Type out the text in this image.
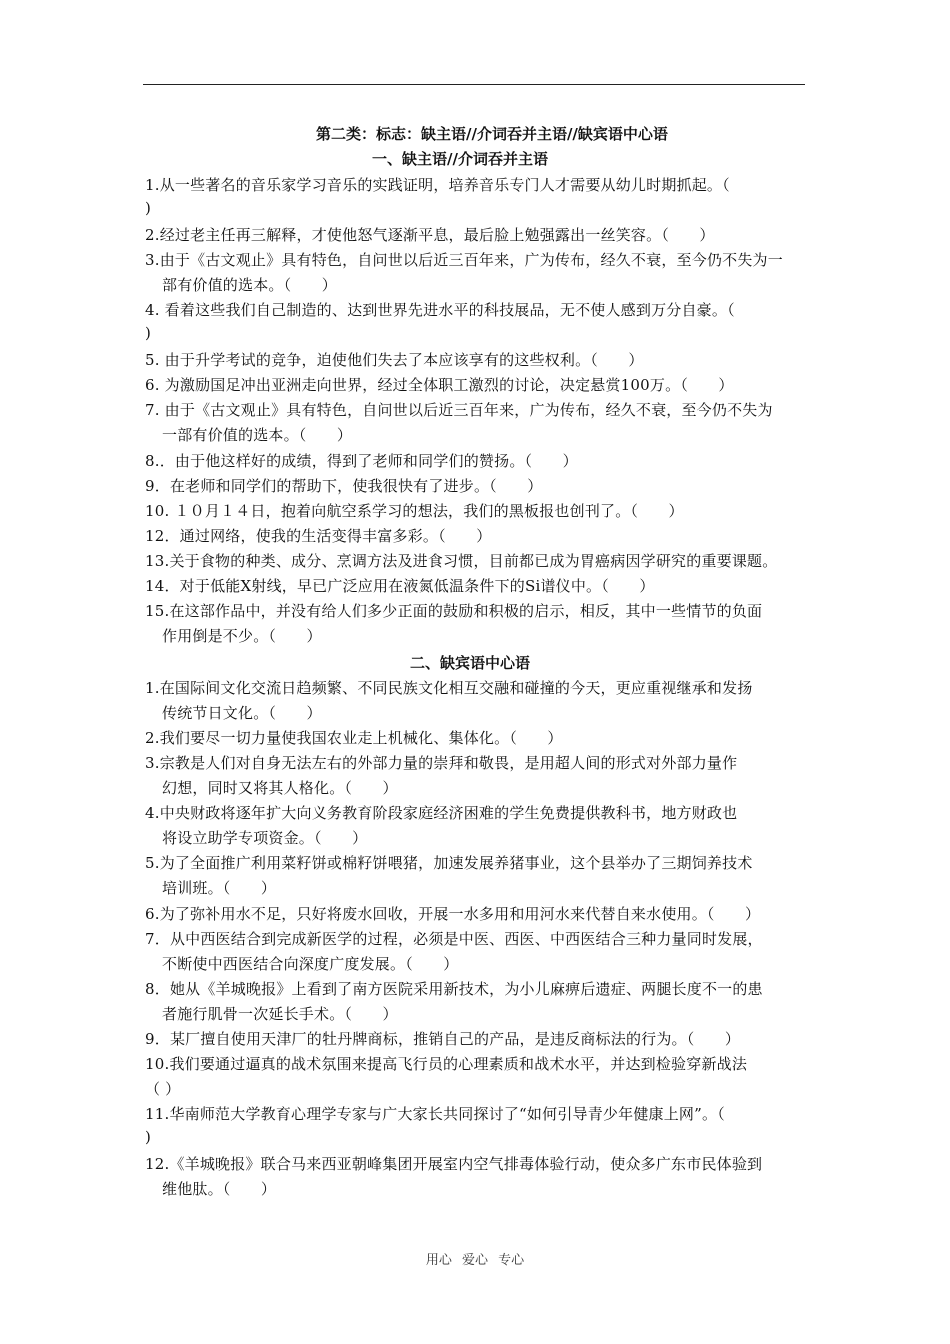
第二类：标志：缺主语//介词吞并主语//缺宾语中心语
一、缺主语//介词吞并主语
1.从一些著名的音乐家学习音乐的实践证明，培养音乐专门人才需要从幼儿时期抓起。（
)
2.经过老主任再三解释，才使他怒气逐渐平息，最后脸上勉强露出一丝笑容。（　　）
3.由于《古文观止》具有特色，自问世以后近三百年来，广为传布，经久不衰，至今仍不失为一
部有价值的选本。（　　）
4. 看着这些我们自己制造的、达到世界先进水平的科技展品，无不使人感到万分自豪。（
)
5. 由于升学考试的竞争，迫使他们失去了本应该享有的这些权利。（　　）
6. 为激励国足冲出亚洲走向世界，经过全体职工激烈的讨论，决定悬赏100万。（　　）
7. 由于《古文观止》具有特色，自问世以后近三百年来，广为传布，经久不衰，至今仍不失为
一部有价值的选本。（　　）
8.．由于他这样好的成绩，得到了老师和同学们的赞扬。（　　）
9．在老师和同学们的帮助下，使我很快有了进步。（　　）
10. １０月１４日，抱着向航空系学习的想法，我们的黑板报也创刊了。（　　）
12．通过网络，使我的生活变得丰富多彩。（　　）
13.关于食物的种类、成分、烹调方法及进食习惯，目前都已成为胃癌病因学研究的重要课题。
14．对于低能X射线，早已广泛应用在液氮低温条件下的Si谱仪中。（　　）
15.在这部作品中，并没有给人们多少正面的鼓励和积极的启示，相反，其中一些情节的负面
作用倒是不少。（　　）
二、缺宾语中心语
1.在国际间文化交流日趋频繁、不同民族文化相互交融和碰撞的今天，更应重视继承和发扬
传统节日文化。（　　）
2.我们要尽一切力量使我国农业走上机械化、集体化。（　　）
3.宗教是人们对自身无法左右的外部力量的崇拜和敬畏，是用超人间的形式对外部力量作
幻想，同时又将其人格化。（　　）
4.中央财政将逐年扩大向义务教育阶段家庭经济困难的学生免费提供教科书，地方财政也
将设立助学专项资金。（　　）
5.为了全面推广利用菜籽饼或棉籽饼喂猪，加速发展养猪事业，这个县举办了三期饲养技术
培训班。（　　）
6.为了弥补用水不足，只好将废水回收，开展一水多用和用河水来代替自来水使用。（　　）
7．从中西医结合到完成新医学的过程，必须是中医、西医、中西医结合三种力量同时发展，
不断使中西医结合向深度广度发展。（　　）
8．她从《羊城晚报》上看到了南方医院采用新技术，为小儿麻痹后遗症、两腿长度不一的患
者施行肌骨一次延长手术。（　　）
9．某厂擅自使用天津厂的牡丹牌商标，推销自己的产品，是违反商标法的行为。（　　）
10.我们要通过逼真的战术氛围来提高飞行员的心理素质和战术水平，并达到检验穿新战法
（ ）
11.华南师范大学教育心理学专家与广大家长共同探讨了“如何引导青少年健康上网”。（
)
12.《羊城晚报》联合马来西亚朝峰集团开展室内空气排毒体验行动，使众多广东市民体验到
维他肽。（　　）
用心 爱心 专心
